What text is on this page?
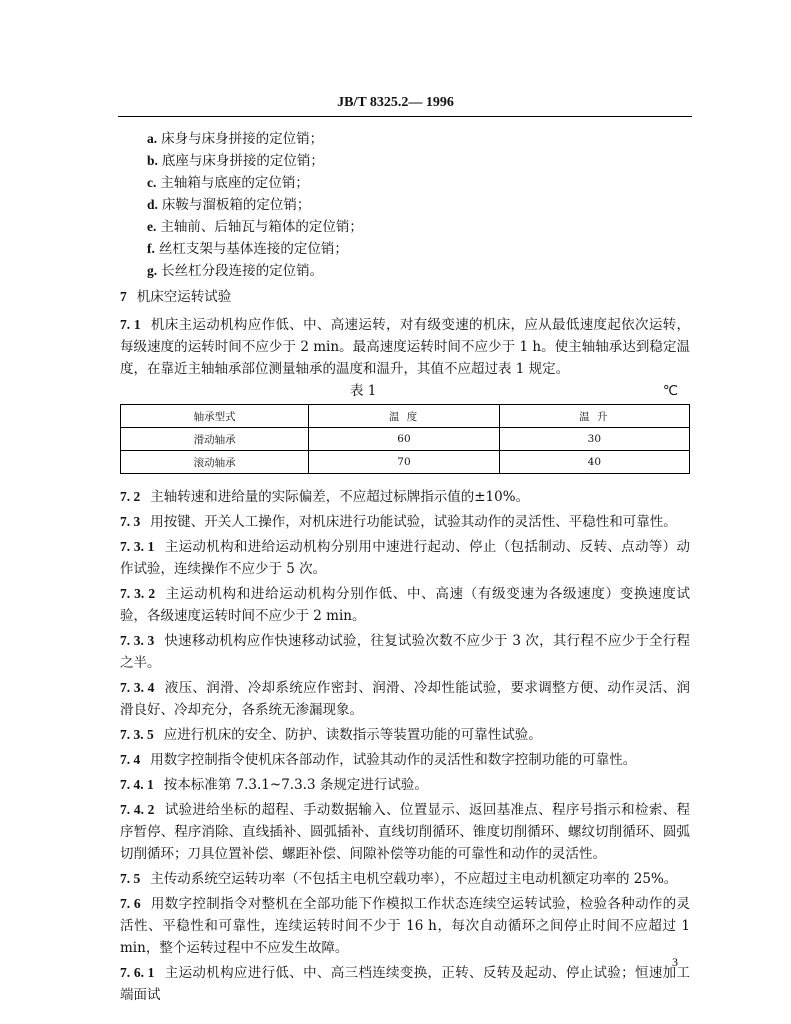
JB/T 8325.2— 1996
a. 床身与床身拼接的定位销；
b. 底座与床身拼接的定位销；
c. 主轴箱与底座的定位销；
d. 床鞍与溜板箱的定位销；
e. 主轴前、后轴瓦与箱体的定位销；
f. 丝杠支架与基体连接的定位销；
g. 长丝杠分段连接的定位销。
7 机床空运转试验
7. 1 机床主运动机构应作低、中、高速运转，对有级变速的机床，应从最低速度起依次运转，每级速度的运转时间不应少于 2 min。最高速度运转时间不应少于 1 h。使主轴轴承达到稳定温度，在靠近主轴轴承部位测量轴承的温度和温升，其值不应超过表 1 规定。
表 1	℃
轴承型式	温 度	温 升
滑动轴承	60	30
滚动轴承	70	40
7. 2 主轴转速和进给量的实际偏差，不应超过标牌指示值的±10%。
7. 3 用按键、开关人工操作，对机床进行功能试验，试验其动作的灵活性、平稳性和可靠性。
7. 3. 1 主运动机构和进给运动机构分别用中速进行起动、停止（包括制动、反转、点动等）动作试验，连续操作不应少于 5 次。
7. 3. 2 主运动机构和进给运动机构分别作低、中、高速（有级变速为各级速度）变换速度试验，各级速度运转时间不应少于 2 min。
7. 3. 3 快速移动机构应作快速移动试验，往复试验次数不应少于 3 次，其行程不应少于全行程之半。
7. 3. 4 液压、润滑、冷却系统应作密封、润滑、冷却性能试验，要求调整方便、动作灵活、润滑良好、冷却充分，各系统无渗漏现象。
7. 3. 5 应进行机床的安全、防护、读数指示等装置功能的可靠性试验。
7. 4 用数字控制指令使机床各部动作，试验其动作的灵活性和数字控制功能的可靠性。
7. 4. 1 按本标准第 7.3.1~7.3.3 条规定进行试验。
7. 4. 2 试验进给坐标的超程、手动数据输入、位置显示、返回基准点、程序号指示和检索、程序暂停、程序消除、直线插补、圆弧插补、直线切削循环、锥度切削循环、螺纹切削循环、圆弧切削循环；刀具位置补偿、螺距补偿、间隙补偿等功能的可靠性和动作的灵活性。
7. 5 主传动系统空运转功率（不包括主电机空载功率），不应超过主电动机额定功率的 25%。
7. 6 用数字控制指令对整机在全部功能下作模拟工作状态连续空运转试验，检验各种动作的灵活性、平稳性和可靠性，连续运转时间不少于 16 h，每次自动循环之间停止时间不应超过 1 min，整个运转过程中不应发生故障。
7. 6. 1 主运动机构应进行低、中、高三档连续变换，正转、反转及起动、停止试验；恒速加工端面试
3
